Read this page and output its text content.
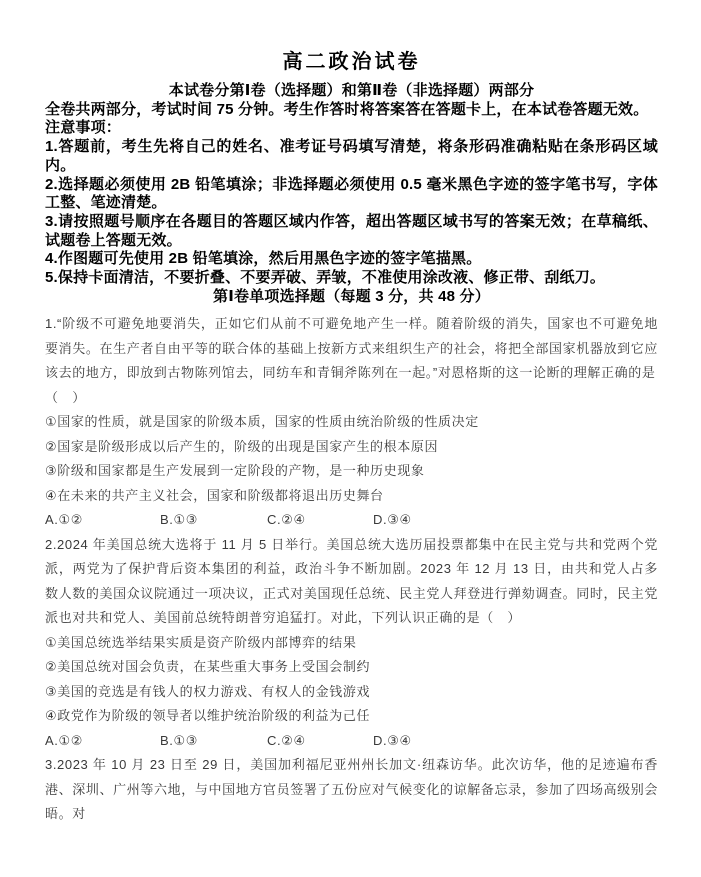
高二政治试卷
本试卷分第Ⅰ卷（选择题）和第Ⅱ卷（非选择题）两部分
全卷共两部分，考试时间 75 分钟。考生作答时将答案答在答题卡上，在本试卷答题无效。
注意事项：
1.答题前，考生先将自己的姓名、准考证号码填写清楚，将条形码准确粘贴在条形码区域内。
2.选择题必须使用 2B 铅笔填涂；非选择题必须使用 0.5 毫米黑色字迹的签字笔书写，字体工整、笔迹清楚。
3.请按照题号顺序在各题目的答题区域内作答，超出答题区域书写的答案无效；在草稿纸、试题卷上答题无效。
4.作图题可先使用 2B 铅笔填涂，然后用黑色字迹的签字笔描黑。
5.保持卡面清洁，不要折叠、不要弄破、弄皱，不准使用涂改液、修正带、刮纸刀。
第Ⅰ卷单项选择题（每题 3 分，共 48 分）
1.“阶级不可避免地要消失，正如它们从前不可避免地产生一样。随着阶级的消失，国家也不可避免地要消失。在生产者自由平等的联合体的基础上按新方式来组织生产的社会，将把全部国家机器放到它应该去的地方，即放到古物陈列馆去，同纺车和青铜斧陈列在一起。”对恩格斯的这一论断的理解正确的是
（　）
①国家的性质，就是国家的阶级本质，国家的性质由统治阶级的性质决定
②国家是阶级形成以后产生的，阶级的出现是国家产生的根本原因
③阶级和国家都是生产发展到一定阶段的产物，是一种历史现象
④在未来的共产主义社会，国家和阶级都将退出历史舞台
A.①②	B.①③	C.②④	D.③④
2.2024 年美国总统大选将于 11 月 5 日举行。美国总统大选历届投票都集中在民主党与共和党两个党派，两党为了保护背后资本集团的利益，政治斗争不断加剧。2023 年 12 月 13 日，由共和党人占多数人数的美国众议院通过一项决议，正式对美国现任总统、民主党人拜登进行弹劾调查。同时，民主党派也对共和党人、美国前总统特朗普穷追猛打。对此，下列认识正确的是（　）
①美国总统选举结果实质是资产阶级内部博弈的结果
②美国总统对国会负责，在某些重大事务上受国会制约
③美国的竞选是有钱人的权力游戏、有权人的金钱游戏
④政党作为阶级的领导者以维护统治阶级的利益为己任
A.①②	B.①③	C.②④	D.③④
3.2023 年 10 月 23 日至 29 日，美国加利福尼亚州州长加文·纽森访华。此次访华，他的足迹遍布香港、深圳、广州等六地，与中国地方官员签署了五份应对气候变化的谅解备忘录，参加了四场高级别会晤。对
